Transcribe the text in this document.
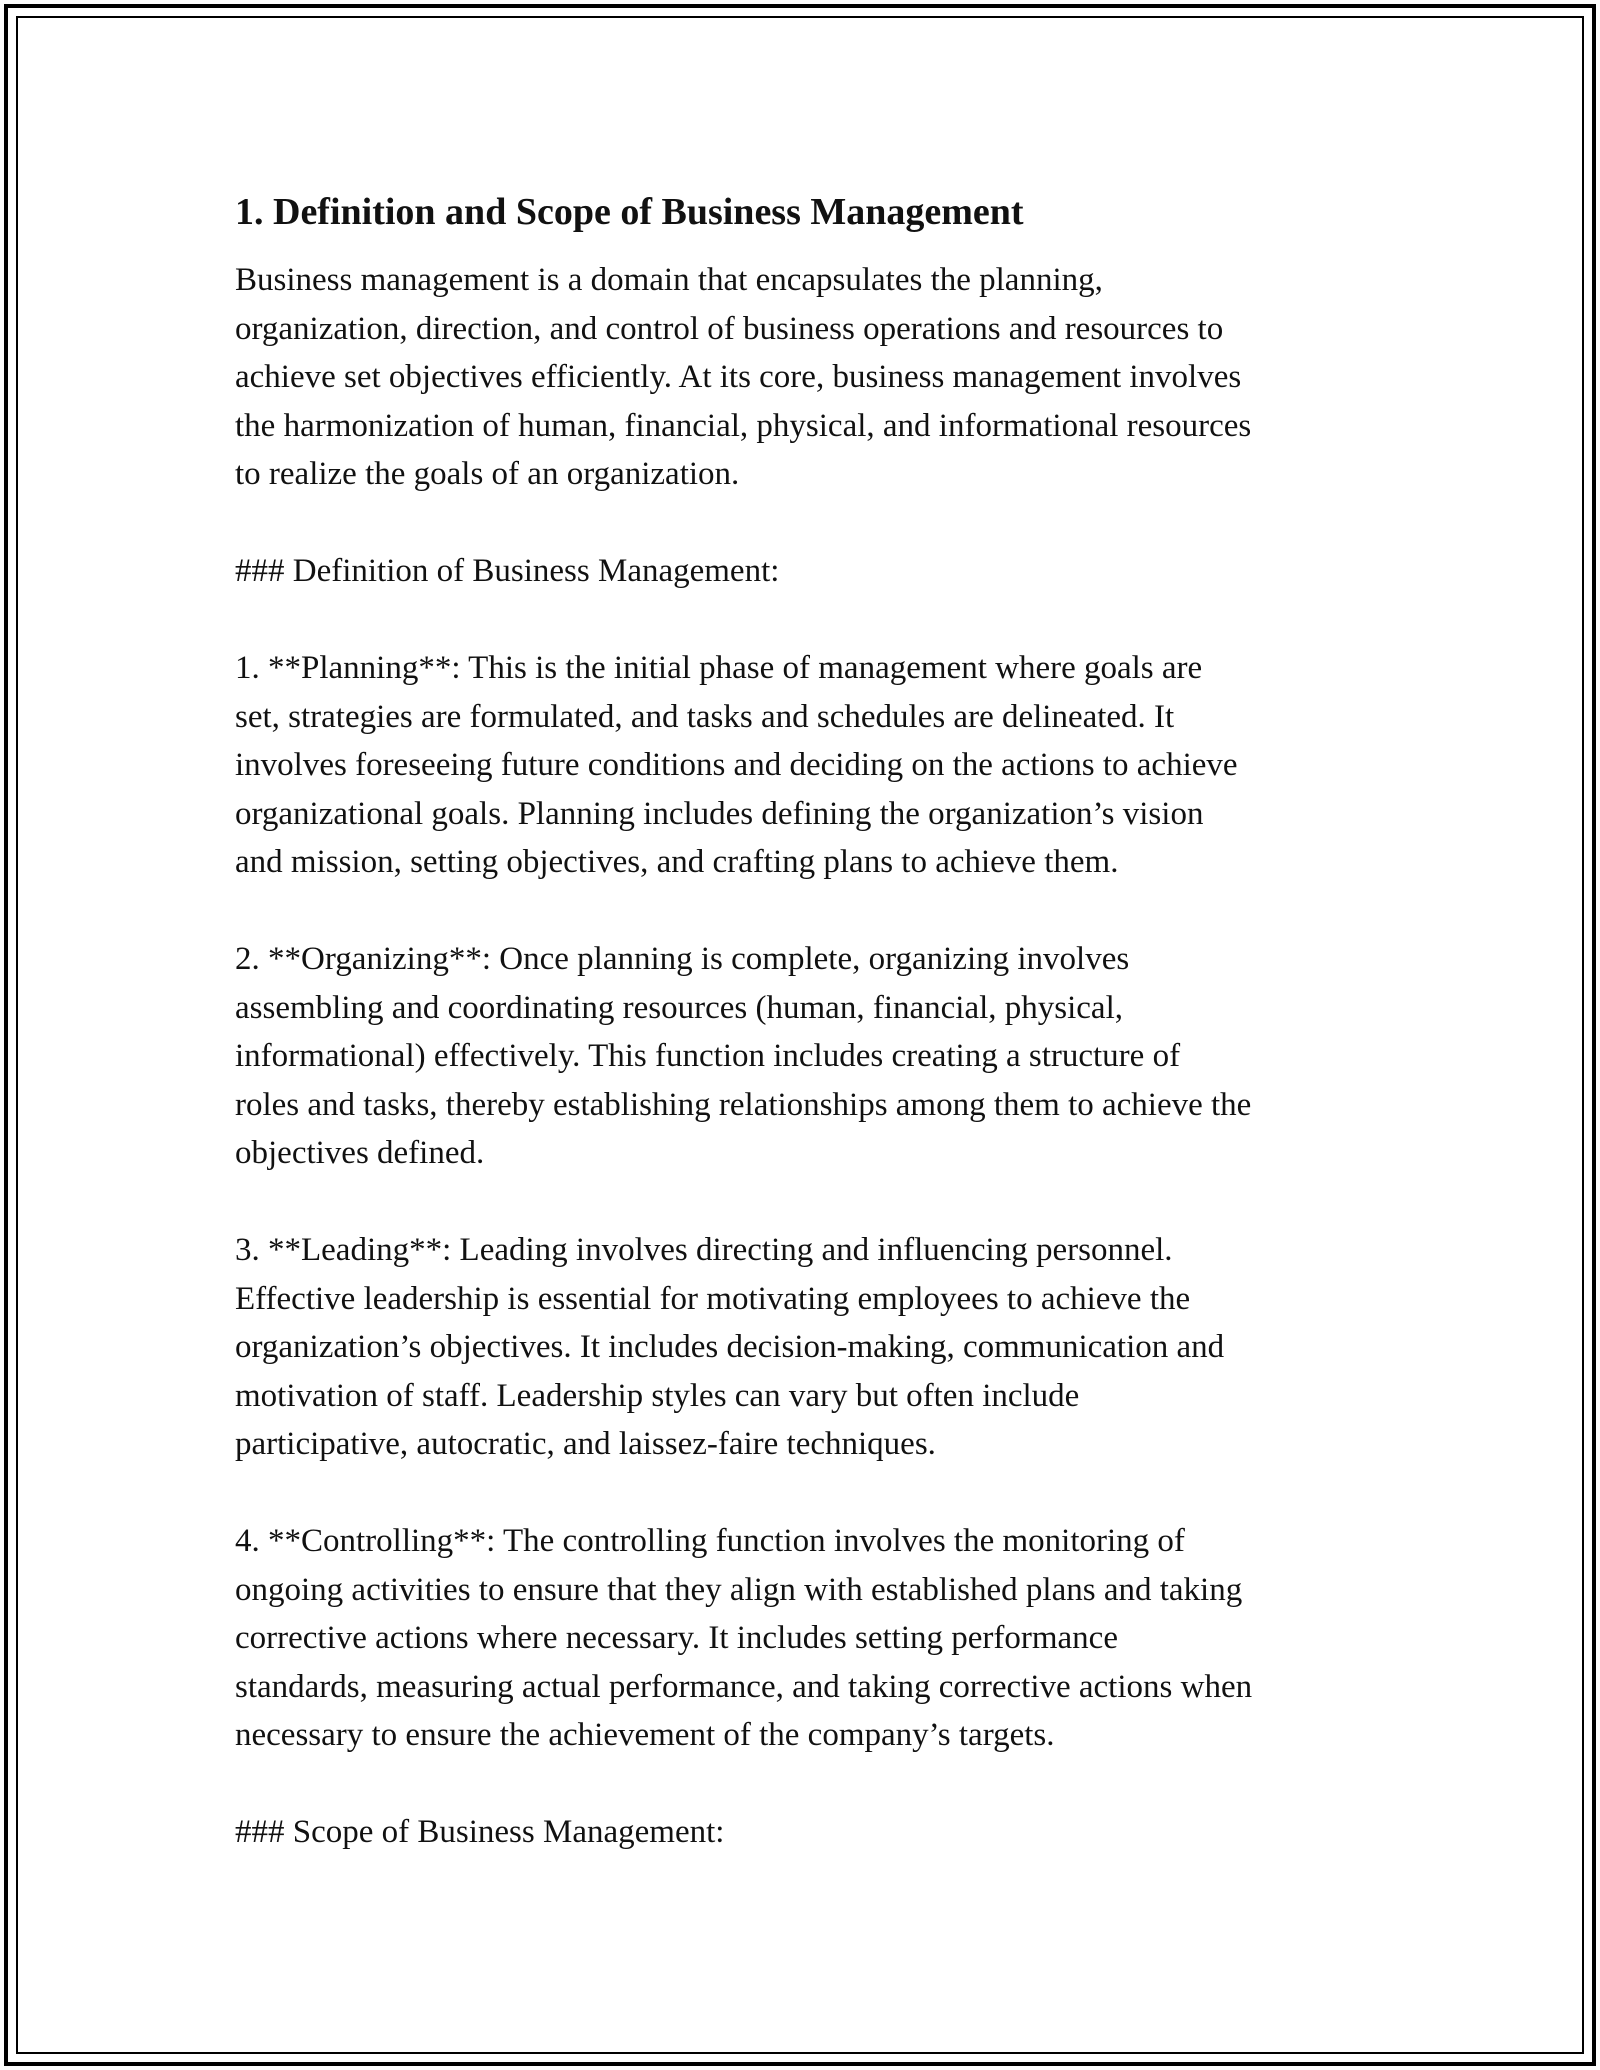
1. Definition and Scope of Business Management
Business management is a domain that encapsulates the planning,
organization, direction, and control of business operations and resources to
achieve set objectives efficiently. At its core, business management involves
the harmonization of human, financial, physical, and informational resources
to realize the goals of an organization.
### Definition of Business Management:
1. **Planning**: This is the initial phase of management where goals are
set, strategies are formulated, and tasks and schedules are delineated. It
involves foreseeing future conditions and deciding on the actions to achieve
organizational goals. Planning includes defining the organization’s vision
and mission, setting objectives, and crafting plans to achieve them.
2. **Organizing**: Once planning is complete, organizing involves
assembling and coordinating resources (human, financial, physical,
informational) effectively. This function includes creating a structure of
roles and tasks, thereby establishing relationships among them to achieve the
objectives defined.
3. **Leading**: Leading involves directing and influencing personnel.
Effective leadership is essential for motivating employees to achieve the
organization’s objectives. It includes decision-making, communication and
motivation of staff. Leadership styles can vary but often include
participative, autocratic, and laissez-faire techniques.
4. **Controlling**: The controlling function involves the monitoring of
ongoing activities to ensure that they align with established plans and taking
corrective actions where necessary. It includes setting performance
standards, measuring actual performance, and taking corrective actions when
necessary to ensure the achievement of the company’s targets.
### Scope of Business Management:
